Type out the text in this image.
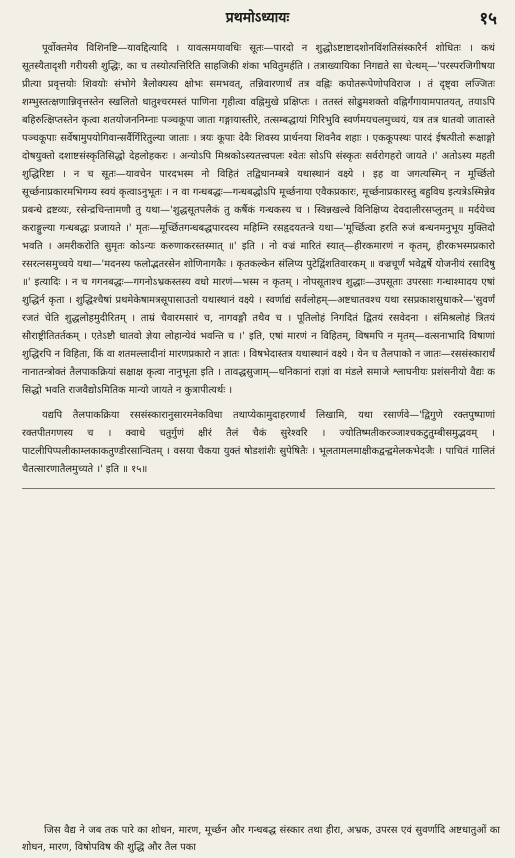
प्रथमोऽध्यायः	१५

पूर्वोक्तमेव विशिनष्टि—यावद्दित्यादि । यावत्समयावधिः सूतः—पारदो न शुद्धोऽष्टाष्टादशोनविंशतिसंस्कारैर्न शोधितः । कथं सूतस्यैतादृशी गरीयसी शुद्धिः, का च तस्योत्पत्तिरिति साहजिकी शंका भवितुमर्हति । तत्राख्यायिका निगद्यते सा चेत्थम्—'परस्परजिगीषया प्रीत्या प्रवृत्तयोः शिवयोः संभोगे त्रैलोक्यस्य क्षोभः समभवत्, तन्निवारणार्थं तत्र वह्निः कपोतरूपेणोपविराज । तं दृष्ट्वा लज्जितः शम्भुस्तत्क्षणान्निवृत्तस्तेन स्खलितो धातुश्चरमस्तं पाणिना गृहीत्वा वह्निमुखे प्रक्षिप्तः । ततस्तं सोढुमशक्तो वह्निर्गंगायामपातयत्, तयाऽपि बहिरुत्क्षिप्तस्तेन कृत्वा शतयोजननिम्नाः पञ्चकूपा जाता गङ्गायास्तीरे, तत्सम्बद्धायां गिरिभुवि स्वर्णमयचलमुच्चयं, यत्र तत्र धातवो जातास्ते पञ्चकूपाः सर्वेषामुपयोगिवान्सर्वैर्गिरितुल्या जाताः । त्रयः कूपाः देवैः शिवस्य प्रार्थनया शिवनैव शहाः । एककूपस्थः पारदं ईषत्पीतो रूक्षाङ्गो दोषयुक्तो दशाष्टसंस्कृतिसिद्धो देहलोहकरः । अन्योऽपि मिश्रकोऽस्यतत्त्वपलः श्वेतः सोऽपि संस्कृतः सर्वरोगहरो जायते ।' अतोऽस्य महती शुद्धिरिष्टा । न च सूतः—यावचेन पारदभस्म नो विहितं तद्विधानम्बत्रे यथास्थानं वक्ष्ये । इह वा जगत्यस्मिन् न मूर्च्छितो सूर्च्छनाप्रकारमभिगम्य स्वयं कृत्वाऽनुभूतः । न वा गन्धबद्धः—गन्धबद्धोऽपि मूर्च्छनाया एवैकप्रकारः, मूर्च्छनाप्रकारस्तु बहुविध इत्यत्रेऽस्मिन्नेव प्रबन्धे द्रष्टव्यः, रसेन्द्रचिन्तामणौ तु यथा—'शुद्धसूतपलैकं तु कर्षैकं गन्धकस्य च । स्विन्नखल्वे विनिक्षिप्य देवदालीरसप्लुतम् ॥ मर्दयेच्च कराङ्गुल्या गन्धबद्धः प्रजायते ।' मृतः—मूर्च्छितगन्धबद्धपारदस्य महिम्नि रसहृदयतन्त्रे यथा—'मूर्च्छित्वा हरति रुजं बन्धनमनुभूय मुक्तिदो भवति । अमरीकरोति सुमृतः कोऽन्यः करुणाकरस्तस्मात् ॥' इति । नो वज्रं मारितं स्यात्—हीरकमारणं न कृतम्, हीरकभस्मप्रकारो रसरत्नसमुच्चये यथा—'मदनस्य फलोद्भतरसेन शोणिनागकैः । कृतकल्केन संलिप्य पुटेद्विंशतिवारकम् ॥ वज्रचूर्णं भवेद्वर्षे योजनीयं रसादिषु ॥' इत्यादिः । न च गगनबद्धः—गगनोऽभ्रकस्तस्य वधो मारणं—भस्म न कृतम् । नोपसूताश्च शुद्धाः—उपसूताः उपरसाः गन्धाश्मादय एषां शुद्धिर्न कृता । शुद्धिश्चैषां प्रथमेकेषामत्रसूपासाउतो यथास्थानं वक्ष्ये । स्वर्णाद्यं सर्वलोहम्—अष्टधातवश्च यथा रसप्रकाशसुधाकरे—'सुवर्णं रजतं चेति शुद्धलोहमुदीरितम् । ताम्रं चैवारमसारं च, नागवङ्गौ तथैव च । पूतिलोहं निगदितं द्वितयं रसवेदना । संमिश्रलोहं त्रितयं सौराष्ट्रीतितर्तकम् । एतेऽष्टौ धातवो ज्ञेया लोहान्येवं भवन्ति च ।' इति, एषां मारणं न विहितम्, विषमपि न मृतम्—वत्सनाभादि विषाणां शुद्धिरपि न विहिता, किं वा शतमल्लादीनां मारणप्रकारो न ज्ञातः । विषभेदास्तत्र यथास्थानं वक्ष्ये । येन च तैलपाको न जातः—रससंस्कारार्थं नानातन्त्रोक्तं तैलपाकक्रियां सक्षाक्ष कृत्वा नानुभूता इति । तावद्धसुजाम्—धनिकानां राज्ञां वा मंडले समाजे श्लाघनीयः प्रशंसनीयो वैद्यः क सिद्धो भवति राजवैद्योऽमितिक मान्यो जायते न कुत्रापीत्यर्थः ।

यद्यपि तैलपाकक्रिया रससंस्कारानुसारमनेकविधा तथाप्येकामुदाहरणार्थं लिखामि, यथा रसार्णवे—'द्विगुणे रक्तपुष्पाणां रक्तपीतगणस्य च । क्वाथे चतुर्गुणं क्षीरं तैलं चैकं सुरेश्वरि । ज्योतिष्मतीकरञ्जाश्चकटुतुम्बीसमुद्भवम् । पाटलीपिप्पलीकाम्लकाकतुण्डीरसान्वितम् । वसया चैकया युक्तं षोडशांशैः सुपेषितैः । भूलतामलमाक्षीकद्वन्द्वमेलकभेदजैः । पाचितं गालितं चैतत्सारणातैलमुच्यते ।' इति ॥ १५॥

जिस वैद्य ने जब तक पारे का शोधन, मारण, मूर्च्छन और गन्धबद्ध संस्कार तथा हीरा, अभ्रक, उपरस एवं सुवर्णादि अष्टधातुओं का शोधन, मारण, विषोपविष की शुद्धि और तैल पका
